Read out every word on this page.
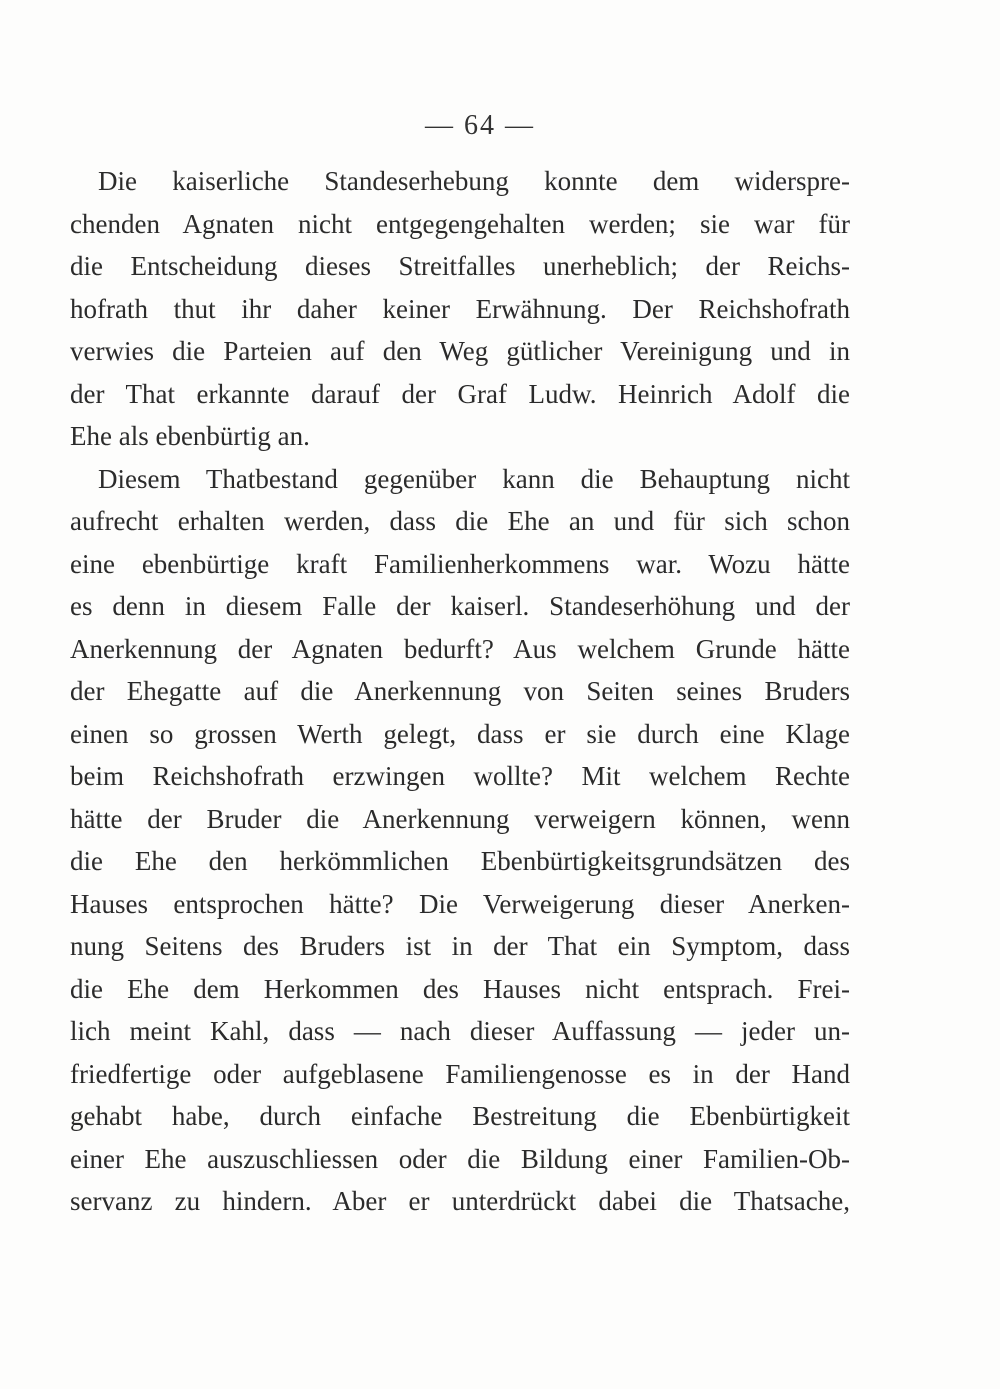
— 64 —
Die kaiserliche Standeserhebung konnte dem widersprе-
chenden Agnaten nicht entgegengehalten werden; sie war für
die Entscheidung dieses Streitfalles unerheblich; der Reichs-
hofrath thut ihr daher keiner Erwähnung. Der Reichshofrath
verwies die Parteien auf den Weg gütlicher Vereinigung und in
der That erkannte darauf der Graf Ludw. Heinrich Adolf die
Ehe als ebenbürtig an.
Diesem Thatbestand gegenüber kann die Behauptung nicht
aufrecht erhalten werden, dass die Ehe an und für sich schon
eine ebenbürtige kraft Familienherkommens war. Wozu hätte
es denn in diesem Falle der kaiserl. Standeserhöhung und der
Anerkennung der Agnaten bedurft? Aus welchem Grunde hätte
der Ehegatte auf die Anerkennung von Seiten seines Bruders
einen so grossen Werth gelegt, dass er sie durch eine Klage
beim Reichshofrath erzwingen wollte? Mit welchem Rechte
hätte der Bruder die Anerkennung verweigern können, wenn
die Ehe den herkömmlichen Ebenbürtigkeitsgrundsätzen des
Hauses entsprochen hätte? Die Verweigerung dieser Anerken-
nung Seitens des Bruders ist in der That ein Symptom, dass
die Ehe dem Herkommen des Hauses nicht entsprach. Frei-
lich meint Kahl, dass — nach dieser Auffassung — jeder un-
friedfertige oder aufgeblasene Familiengenosse es in der Hand
gehabt habe, durch einfache Bestreitung die Ebenbürtigkeit
einer Ehe auszuschliessen oder die Bildung einer Familien-Ob-
servanz zu hindern. Aber er unterdrückt dabei die Thatsache,
